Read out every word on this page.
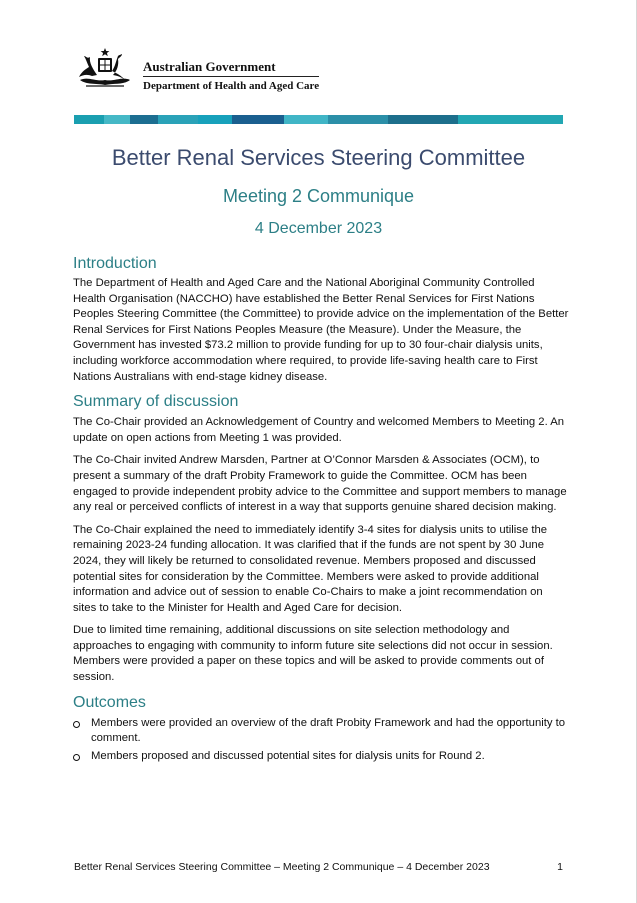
Australian Government
Department of Health and Aged Care
Better Renal Services Steering Committee
Meeting 2 Communique
4 December 2023
Introduction

The Department of Health and Aged Care and the National Aboriginal Community Controlled Health Organisation (NACCHO) have established the Better Renal Services for First Nations Peoples Steering Committee (the Committee) to provide advice on the implementation of the Better Renal Services for First Nations Peoples Measure (the Measure). Under the Measure, the Government has invested $73.2 million to provide funding for up to 30 four-chair dialysis units, including workforce accommodation where required, to provide life-saving health care to First Nations Australians with end-stage kidney disease.

Summary of discussion

The Co-Chair provided an Acknowledgement of Country and welcomed Members to Meeting 2. An update on open actions from Meeting 1 was provided.

The Co-Chair invited Andrew Marsden, Partner at O’Connor Marsden & Associates (OCM), to present a summary of the draft Probity Framework to guide the Committee. OCM has been engaged to provide independent probity advice to the Committee and support members to manage any real or perceived conflicts of interest in a way that supports genuine shared decision making.

The Co-Chair explained the need to immediately identify 3-4 sites for dialysis units to utilise the remaining 2023-24 funding allocation. It was clarified that if the funds are not spent by 30 June 2024, they will likely be returned to consolidated revenue. Members proposed and discussed potential sites for consideration by the Committee. Members were asked to provide additional information and advice out of session to enable Co-Chairs to make a joint recommendation on sites to take to the Minister for Health and Aged Care for decision.

Due to limited time remaining, additional discussions on site selection methodology and approaches to engaging with community to inform future site selections did not occur in session. Members were provided a paper on these topics and will be asked to provide comments out of session.

Outcomes
Members were provided an overview of the draft Probity Framework and had the opportunity to comment.
Members proposed and discussed potential sites for dialysis units for Round 2.
Better Renal Services Steering Committee – Meeting 2 Communique – 4 December 2023	1
